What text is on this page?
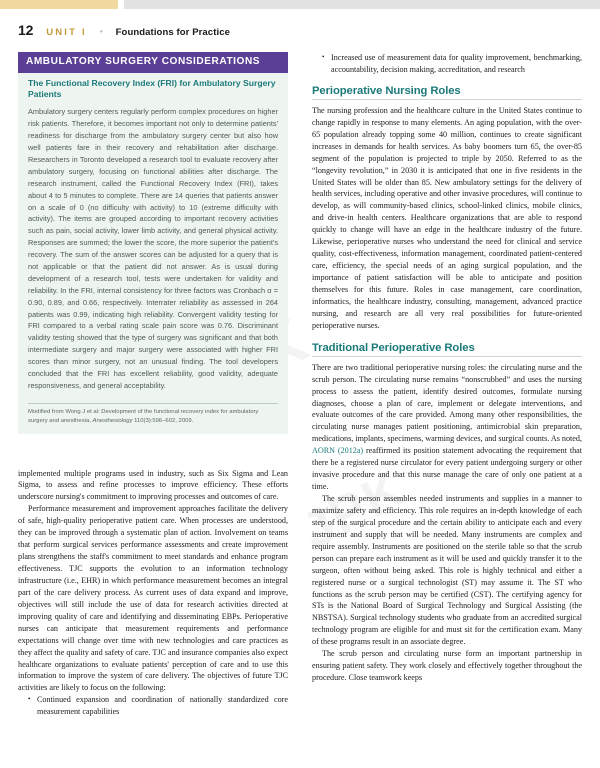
12 UNIT I • Foundations for Practice
AMBULATORY SURGERY CONSIDERATIONS
The Functional Recovery Index (FRI) for Ambulatory Surgery Patients

Ambulatory surgery centers regularly perform complex procedures on higher risk patients. Therefore, it becomes important not only to determine patients' readiness for discharge from the ambulatory surgery center but also how well patients fare in their recovery and rehabilitation after discharge. Researchers in Toronto developed a research tool to evaluate recovery after ambulatory surgery, focusing on functional abilities after discharge. The research instrument, called the Functional Recovery Index (FRI), takes about 4 to 5 minutes to complete. There are 14 queries that patients answer on a scale of 0 (no difficulty with activity) to 10 (extreme difficulty with activity). The items are grouped according to important recovery activities such as pain, social activity, lower limb activity, and general physical activity. Responses are summed; the lower the score, the more superior the patient's recovery. The sum of the answer scores can be adjusted for a query that is not applicable or that the patient did not answer. As is usual during development of a research tool, tests were undertaken for validity and reliability. In the FRI, internal consistency for three factors was Cronbach α = 0.90, 0.89, and 0.66, respectively. Interrater reliability as assessed in 264 patients was 0.99, indicating high reliability. Convergent validity testing for FRI compared to a verbal rating scale pain score was 0.76. Discriminant validity testing showed that the type of surgery was significant and that both intermediate surgery and major surgery were associated with higher FRI scores than minor surgery, not an unusual finding. The tool developers concluded that the FRI has excellent reliability, good validity, adequate responsiveness, and general acceptability.

Modified from Wong J et al: Development of the functional recovery index for ambulatory surgery and anesthesia, Anesthesiology 110(3):596–602, 2009.

implemented multiple programs used in industry, such as Six Sigma and Lean Sigma, to assess and refine processes to improve efficiency. These efforts underscore nursing's commitment to improving processes and outcomes of care.

Performance measurement and improvement approaches facilitate the delivery of safe, high-quality perioperative patient care. When processes are understood, they can be improved through a systematic plan of action. Involvement on teams that perform surgical services performance assessments and create improvement plans strengthens the staff's commitment to meet standards and enhance program effectiveness. TJC supports the evolution to an information technology infrastructure (i.e., EHR) in which performance measurement becomes an integral part of the care delivery process. As current uses of data expand and improve, objectives will still include the use of data for research activities directed at improving quality of care and identifying and disseminating EBPs. Perioperative nurses can anticipate that measurement requirements and performance expectations will change over time with new technologies and care practices as they affect the quality and safety of care. TJC and insurance companies also expect healthcare organizations to evaluate patients' perception of care and to use this information to improve the system of care delivery. The objectives of future TJC activities are likely to focus on the following:

• Continued expansion and coordination of nationally standardized core measurement capabilities
• Increased use of measurement data for quality improvement, benchmarking, accountability, decision making, accreditation, and research
Perioperative Nursing Roles

The nursing profession and the healthcare culture in the United States continue to change rapidly in response to many elements. An aging population, with the over-65 population already topping some 40 million, continues to create significant increases in demands for health services. As baby boomers turn 65, the over-85 segment of the population is projected to triple by 2050. Referred to as the “longevity revolution,” in 2030 it is anticipated that one in five residents in the United States will be older than 85. New ambulatory settings for the delivery of health services, including operative and other invasive procedures, will continue to develop, as will community-based clinics, school-linked clinics, mobile clinics, and drive-in health centers. Healthcare organizations that are able to respond quickly to change will have an edge in the healthcare industry of the future. Likewise, perioperative nurses who understand the need for clinical and service quality, cost-effectiveness, information management, coordinated patient-centered care, efficiency, the special needs of an aging surgical population, and the importance of patient satisfaction will be able to anticipate and position themselves for this future. Roles in case management, care coordination, informatics, the healthcare industry, consulting, management, advanced practice nursing, and research are all very real possibilities for future-oriented perioperative nurses.

Traditional Perioperative Roles

There are two traditional perioperative nursing roles: the circulating nurse and the scrub person. The circulating nurse remains “nonscrubbed” and uses the nursing process to assess the patient, identify desired outcomes, formulate nursing diagnoses, choose a plan of care, implement or delegate interventions, and evaluate outcomes of the care provided. Among many other responsibilities, the circulating nurse manages patient positioning, antimicrobial skin preparation, medications, implants, specimens, warming devices, and surgical counts. As noted, AORN (2012a) reaffirmed its position statement advocating the requirement that there be a registered nurse circulator for every patient undergoing surgery or other invasive procedure and that this nurse manage the care of only one patient at a time.

The scrub person assembles needed instruments and supplies in a manner to maximize safety and efficiency. This role requires an in-depth knowledge of each step of the surgical procedure and the certain ability to anticipate each and every instrument and supply that will be needed. Many instruments are complex and require assembly. Instruments are positioned on the sterile table so that the scrub person can prepare each instrument as it will be used and quickly transfer it to the surgeon, often without being asked. This role is highly technical and either a registered nurse or a surgical technologist (ST) may assume it. The ST who functions as the scrub person may be certified (CST). The certifying agency for STs is the National Board of Surgical Technology and Surgical Assisting (the NBSTSA). Surgical technology students who graduate from an accredited surgical technology program are eligible for and must sit for the certification exam. Many of these programs result in an associate degree.

The scrub person and circulating nurse form an important partnership in ensuring patient safety. They work closely and effectively together throughout the procedure. Close teamwork keeps
